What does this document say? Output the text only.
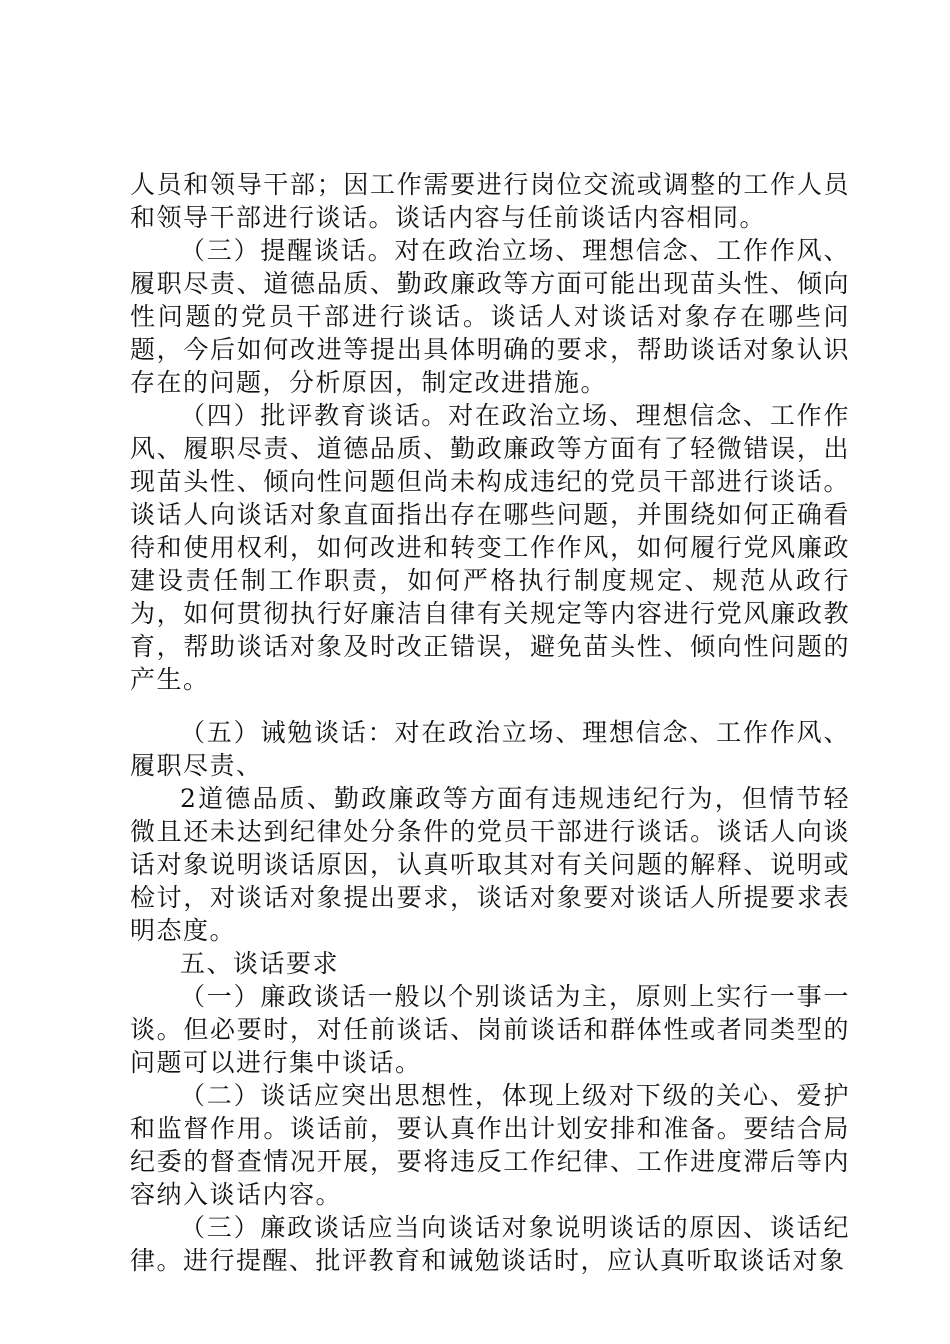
人员和领导干部；因工作需要进行岗位交流或调整的工作人员和领导干部进行谈话。谈话内容与任前谈话内容相同。

（三）提醒谈话。对在政治立场、理想信念、工作作风、履职尽责、道德品质、勤政廉政等方面可能出现苗头性、倾向性问题的党员干部进行谈话。谈话人对谈话对象存在哪些问题，今后如何改进等提出具体明确的要求，帮助谈话对象认识存在的问题，分析原因，制定改进措施。

（四）批评教育谈话。对在政治立场、理想信念、工作作风、履职尽责、道德品质、勤政廉政等方面有了轻微错误，出现苗头性、倾向性问题但尚未构成违纪的党员干部进行谈话。谈话人向谈话对象直面指出存在哪些问题，并围绕如何正确看待和使用权利，如何改进和转变工作作风，如何履行党风廉政建设责任制工作职责，如何严格执行制度规定、规范从政行为，如何贯彻执行好廉洁自律有关规定等内容进行党风廉政教育，帮助谈话对象及时改正错误，避免苗头性、倾向性问题的产生。

（五）诫勉谈话：对在政治立场、理想信念、工作作风、履职尽责、

2道德品质、勤政廉政等方面有违规违纪行为，但情节轻微且还未达到纪律处分条件的党员干部进行谈话。谈话人向谈话对象说明谈话原因，认真听取其对有关问题的解释、说明或检讨，对谈话对象提出要求，谈话对象要对谈话人所提要求表明态度。

五、谈话要求

（一）廉政谈话一般以个别谈话为主，原则上实行一事一谈。但必要时，对任前谈话、岗前谈话和群体性或者同类型的问题可以进行集中谈话。

（二）谈话应突出思想性，体现上级对下级的关心、爱护和监督作用。谈话前，要认真作出计划安排和准备。要结合局纪委的督查情况开展，要将违反工作纪律、工作进度滞后等内容纳入谈话内容。

（三）廉政谈话应当向谈话对象说明谈话的原因、谈话纪律。进行提醒、批评教育和诫勉谈话时，应认真听取谈话对象
